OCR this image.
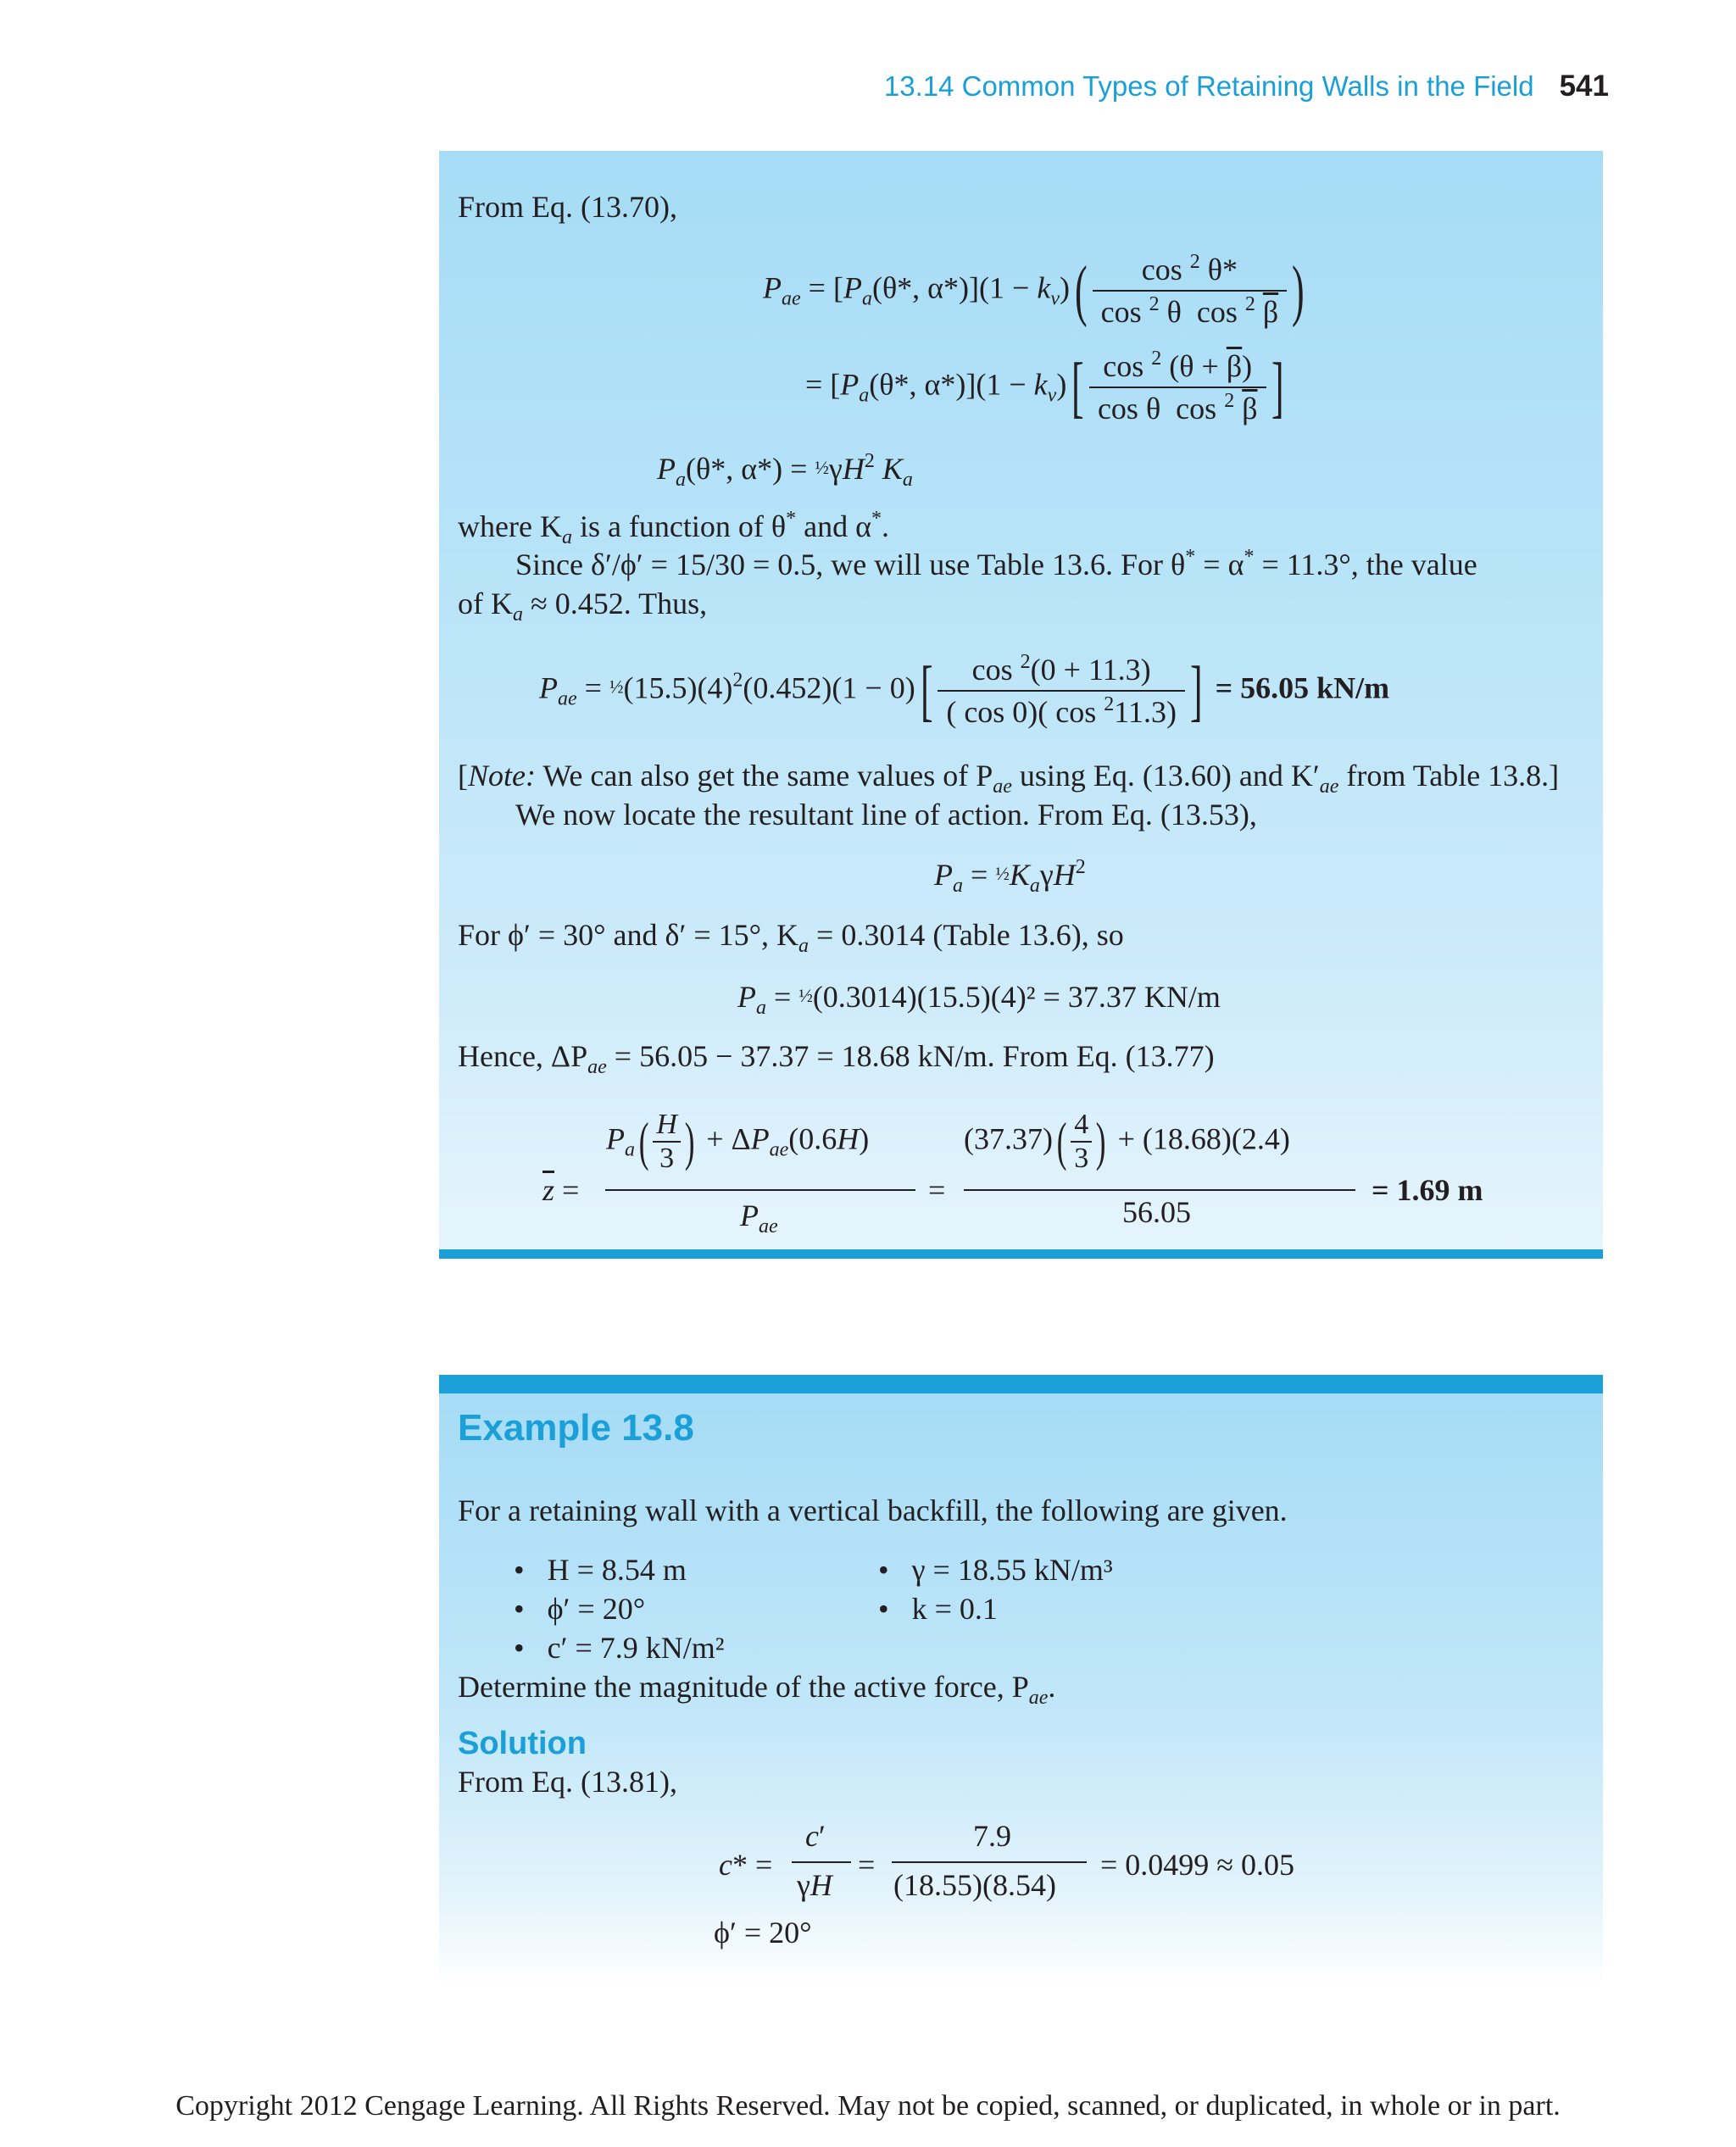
13.14 Common Types of Retaining Walls in the Field 541
From Eq. (13.70),
$P_{ae} = [P_a(\theta*$, $\alpha*)](1 - k_v)( \frac{\cos ^2 \theta*}{\cos ^2 \theta \cos ^2 \overline{\beta}}$ )
= [$P_a(\theta*$, $\alpha*)](1 - k_v)[ \frac{\cos ^2 (\theta + \overline{\beta})}{\cos \theta \cos ^2 \overline{\beta}}$ ]
$P_a(\theta*$, $\alpha*) = \frac{1}{2}\gamma H^2$ $K_a$
where $K_a$ is a function of θ* and α*.
Since δ′/ϕ′ = 15/30 = 0.5, we will use Table 13.6. For θ* = α* = 11.3°, the value
of $K_a \approx 0.452$. Thus,
$P_{ae}$ = $\frac{1}{2}(15.5)(4)^2(0.452)(1 - 0)[ \frac{\cos ^2(0 + 11.3)}{( \cos 0)( \cos ^211.3)}$ ] = 56.05 kN/m
[Note: We can also get the same values of $P_{ae}$ using Eq. (13.60) and $K'_{ae}$ from Table 13.8.]
We now locate the resultant line of action. From Eq. (13.53),
$P_a$ = $\frac{1}{2}K_a\gamma H^2$
For ϕ′ = 30° and δ′ = 15°, $K_a = 0.3014$ (Table 13.6), so
$P_a$ = ½(0.3014)(15.5)(4)² = 37.37 KN/m
Hence, $\Delta P_{ae} = 56.05 - 37.37 = 18.68$ kN/m. From Eq. (13.77)
$\overline{z}$ =
$P_a( \frac{H}{3}$ ) + $\Delta P_{ae}(0.6H)$
$P_{ae}$
=
$(37.37)( \frac{4}{3}$ ) + (18.68)(2.4)
56.05
= 1.69 m
Example 13.8
For a retaining wall with a vertical backfill, the following are given.
•   H = 8.54 m
•   ϕ′ = 20°
•   c′ = 7.9 kN/m²
•   γ = 18.55 kN/m³
•   k = 0.1
Determine the magnitude of the active force, $P_{ae}$.
Solution
From Eq. (13.81),
c* =
c′
γH
=
7.9
(18.55)(8.54)
= 0.0499 ≈ 0.05
ϕ′ = 20°
Copyright 2012 Cengage Learning. All Rights Reserved. May not be copied, scanned, or duplicated, in whole or in part.
